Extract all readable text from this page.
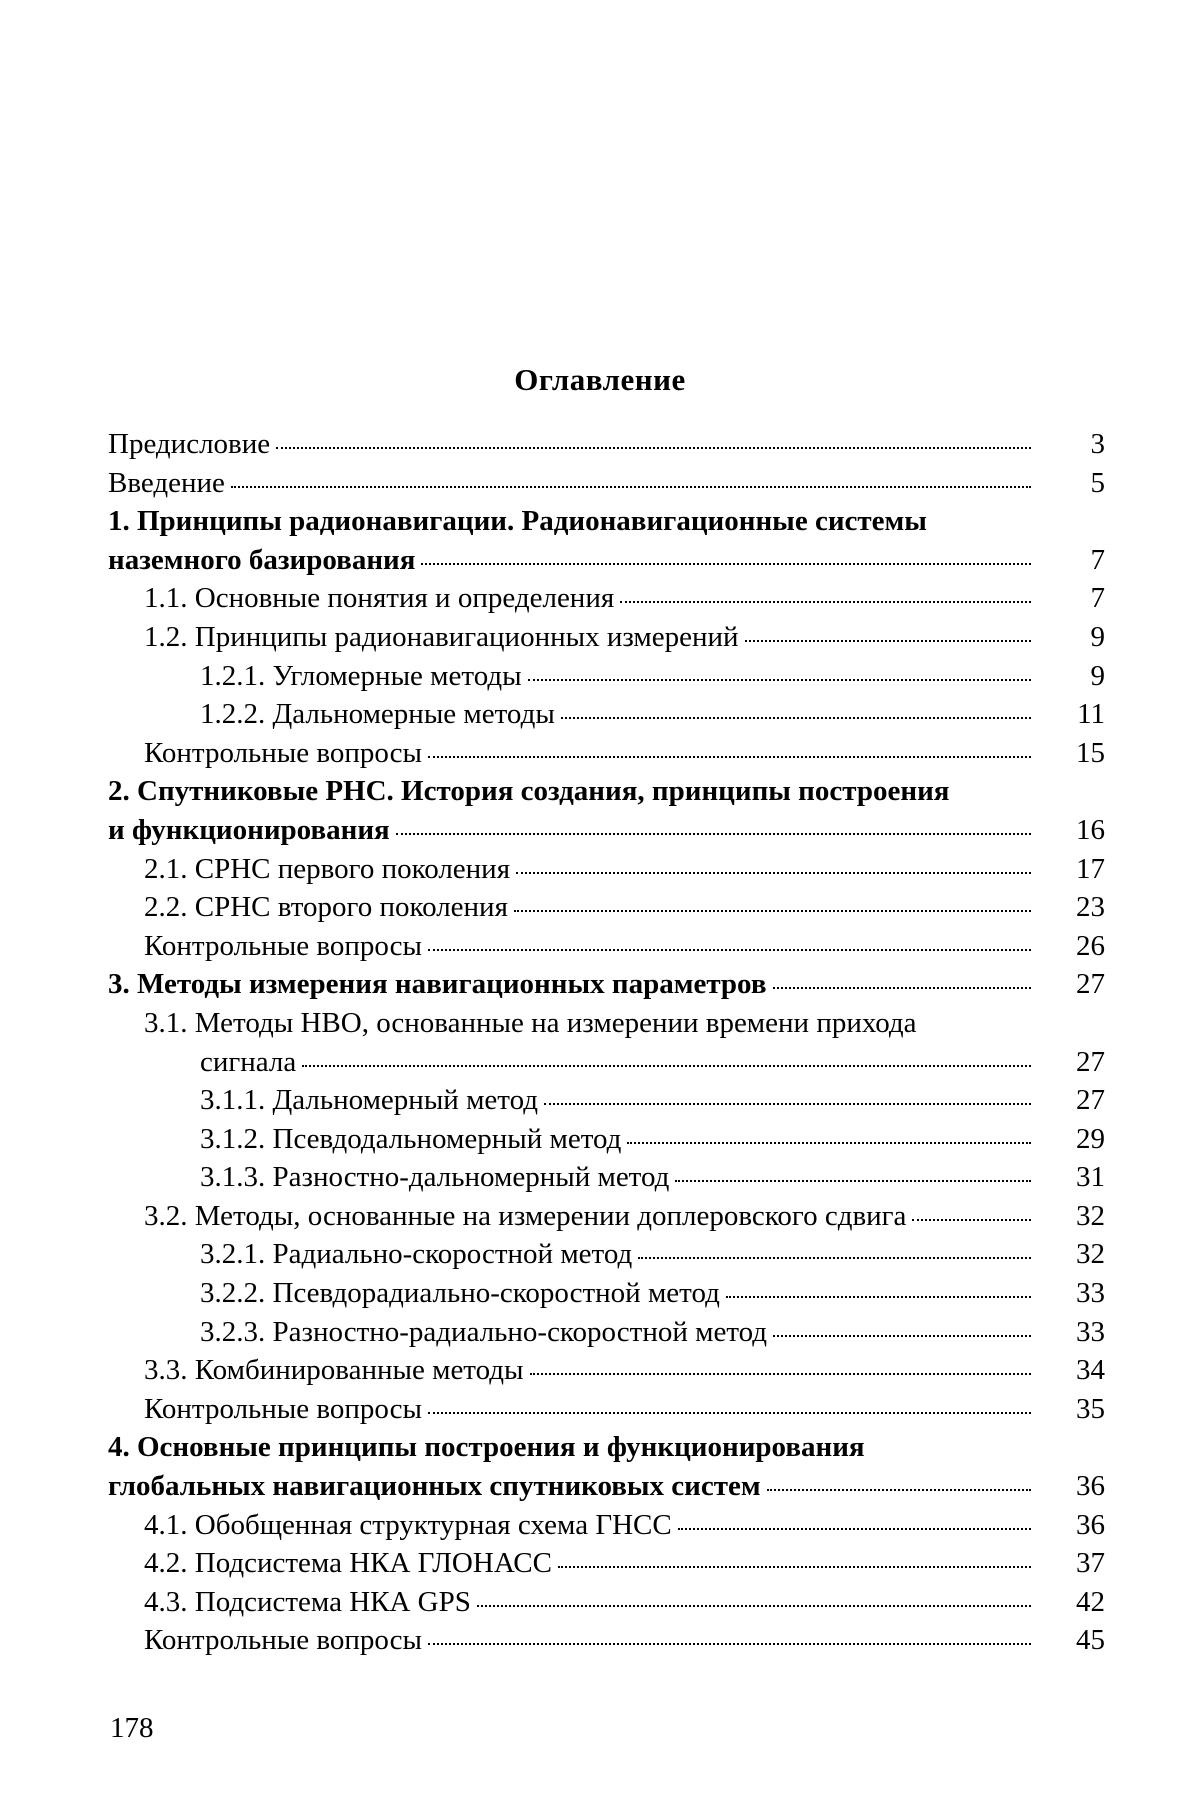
Оглавление
Предисловие	3
Введение	5
1. Принципы радионавигации. Радионавигационные системы
наземного базирования	7
1.1. Основные понятия и определения	7
1.2. Принципы радионавигационных измерений	9
1.2.1. Угломерные методы	9
1.2.2. Дальномерные методы	11
Контрольные вопросы	15
2. Спутниковые РНС. История создания, принципы построения
и функционирования	16
2.1. СРНС первого поколения	17
2.2. СРНС второго поколения	23
Контрольные вопросы	26
3. Методы измерения навигационных параметров	27
3.1. Методы НВО, основанные на измерении времени прихода
сигнала	27
3.1.1. Дальномерный метод	27
3.1.2. Псевдодальномерный метод	29
3.1.3. Разностно-дальномерный метод	31
3.2. Методы, основанные на измерении доплеровского сдвига	32
3.2.1. Радиально-скоростной метод	32
3.2.2. Псевдорадиально-скоростной метод	33
3.2.3. Разностно-радиально-скоростной метод	33
3.3. Комбинированные методы	34
Контрольные вопросы	35
4. Основные принципы построения и функционирования
глобальных навигационных спутниковых систем	36
4.1. Обобщенная структурная схема ГНСС	36
4.2. Подсистема НКА ГЛОНАСС	37
4.3. Подсистема НКА GPS	42
Контрольные вопросы	45
178
